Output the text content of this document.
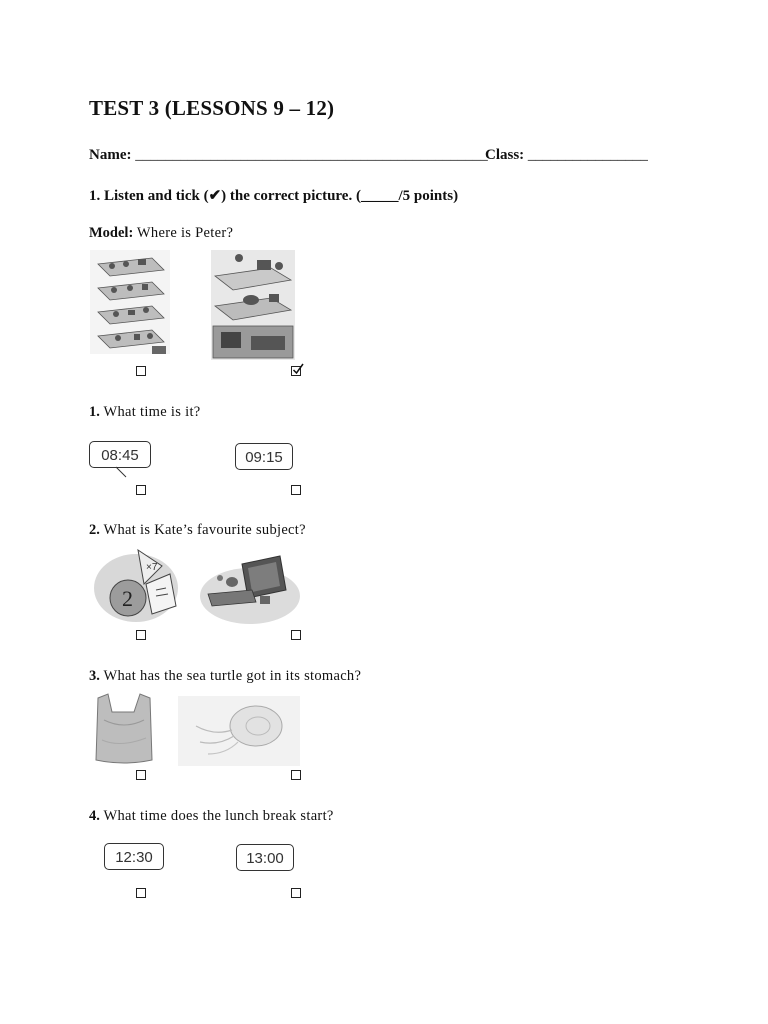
TEST 3 (LESSONS 9 – 12)
Name: _______________________________________________
Class: ________________
1. Listen and tick (✔) the correct picture. (_____/5 points)
Model: Where is Peter?
1. What time is it?
08:45	09:15
2. What is Kate’s favourite subject?
2
×7
3. What has the sea turtle got in its stomach?
4. What time does the lunch break start?
12:30	13:00
